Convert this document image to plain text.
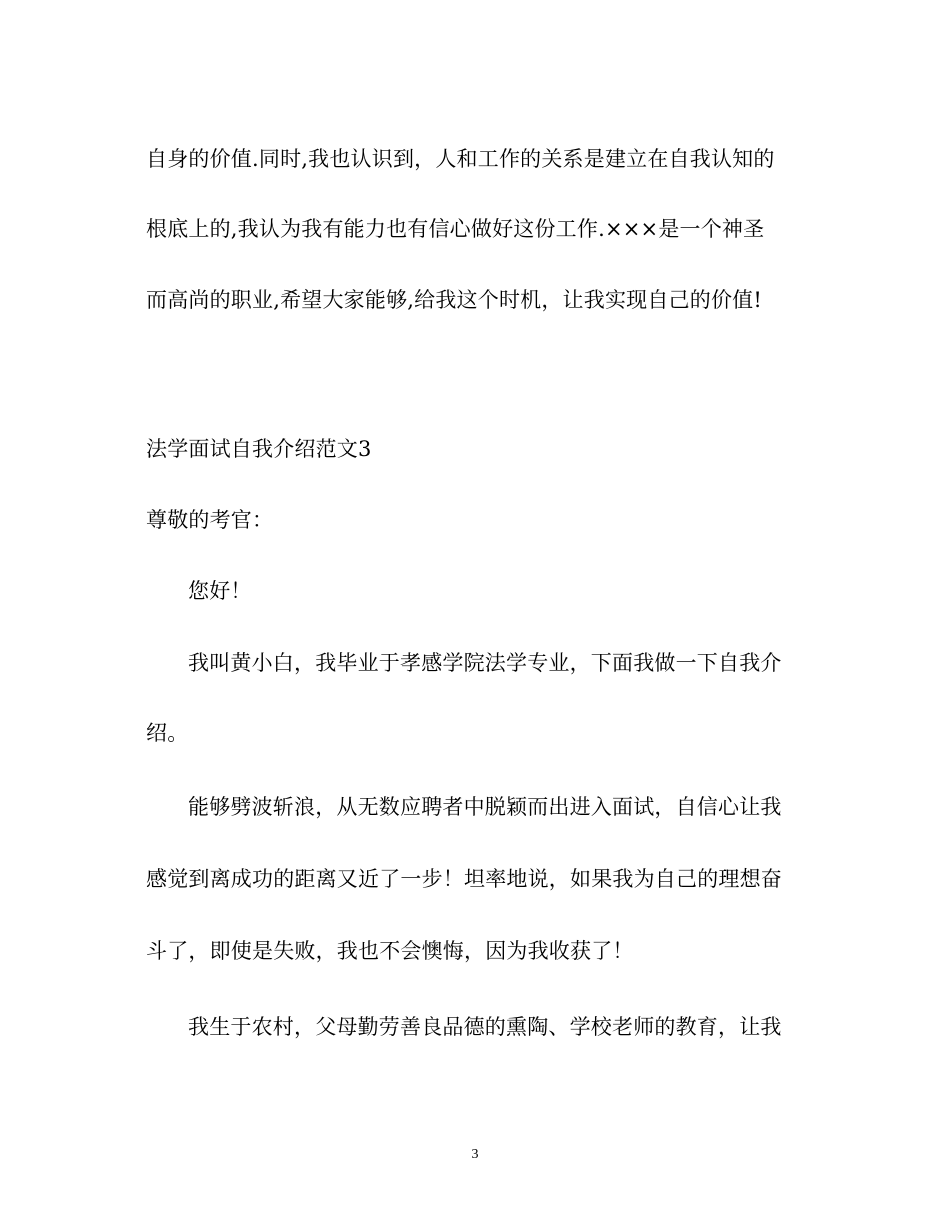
自身的价值.同时,我也认识到，人和工作的关系是建立在自我认知的
根底上的,我认为我有能力也有信心做好这份工作.×××是一个神圣
而高尚的职业,希望大家能够,给我这个时机，让我实现自己的价值!
法学面试自我介绍范文3
尊敬的考官：
您好！
我叫黄小白，我毕业于孝感学院法学专业，下面我做一下自我介
绍。
能够劈波斩浪，从无数应聘者中脱颖而出进入面试，自信心让我
感觉到离成功的距离又近了一步！坦率地说，如果我为自己的理想奋
斗了，即使是失败，我也不会懊悔，因为我收获了！
我生于农村，父母勤劳善良品德的熏陶、学校老师的教育，让我
3
